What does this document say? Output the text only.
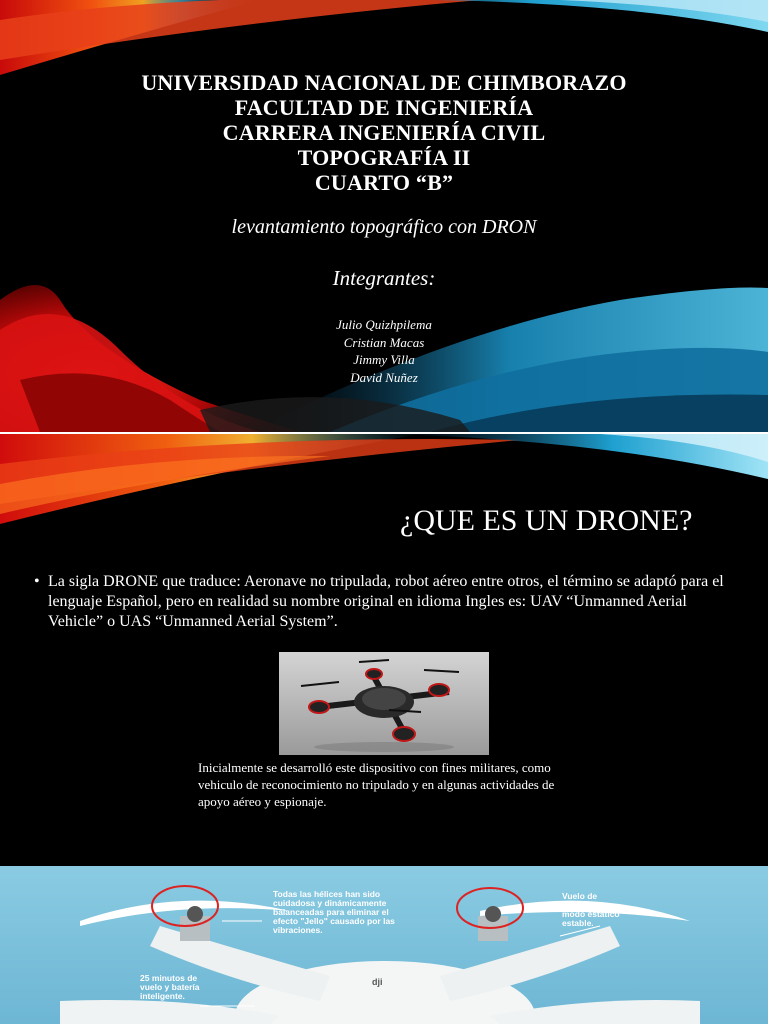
UNIVERSIDAD NACIONAL DE CHIMBORAZO
FACULTAD DE INGENIERÍA
CARRERA INGENIERÍA CIVIL
TOPOGRAFÍA II
CUARTO “B”
levantamiento topográfico con DRON
Integrantes:
Julio Quizhpilema
Cristian Macas
Jimmy Villa
David Nuñez
¿QUE ES UN DRONE?
• La sigla DRONE que traduce: Aeronave no tripulada, robot aéreo entre otros, el término se adaptó para el lenguaje Español, pero en realidad su nombre original en idioma Ingles es: UAV “Unmanned Aerial Vehicle” o UAS “Unmanned Aerial System”.
Inicialmente se desarrolló este dispositivo con fines militares, como vehiculo de reconocimiento no tripulado y en algunas actividades de apoyo aéreo y espionaje.
Todas las hélices han sido cuidadosa y dinámicamente balanceadas para eliminar el efecto "Jello" causado por las vibraciones.
Vuelo de precisión y modo estático estable.
25 minutos de vuelo y batería inteligente.
dji
